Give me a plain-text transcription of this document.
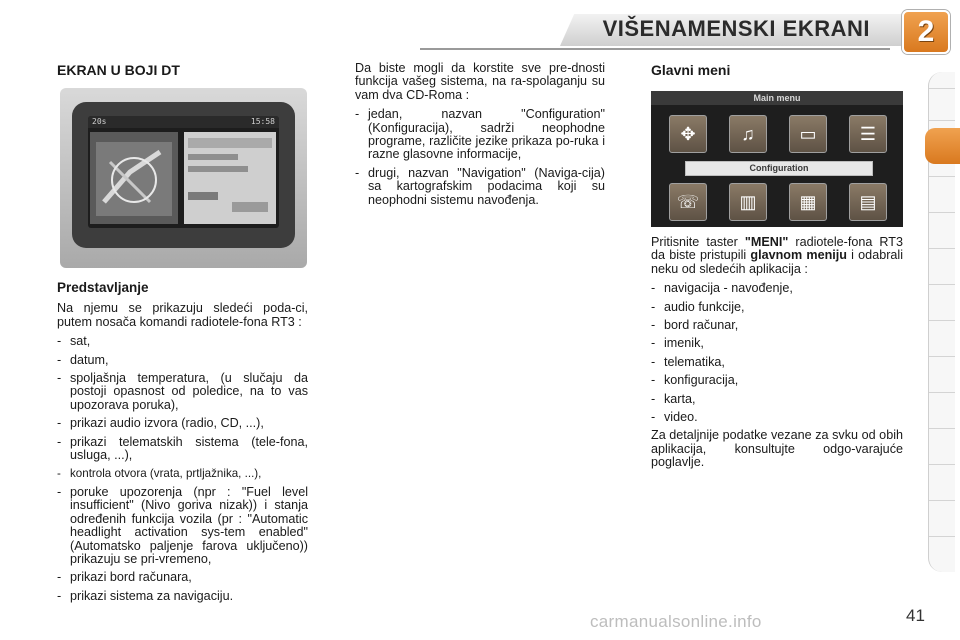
VIŠENAMENSKI EKRANI	2
EKRAN U BOJI DT
20s	15:58
Predstavljanje

Na njemu se prikazuju sledeći poda-ci, putem nosača komandi radiotele-fona RT3 :

- sat,
- datum,
- spoljašnja temperatura, (u slučaju da postoji opasnost od poledice, na to vas upozorava poruka),
- prikazi audio izvora (radio, CD, ...),
- prikazi telematskih sistema (tele-fona, usluga, ...),
- kontrola otvora (vrata, prtljažnika, ...),
- poruke upozorenja (npr : "Fuel level insufficient" (Nivo goriva nizak)) i stanja određenih funkcija vozila (pr : "Automatic headlight activation sys-tem enabled" (Automatsko paljenje farova uključeno)) prikazuju se pri-vremeno,
- prikazi bord računara,
- prikazi sistema za navigaciju.

Da biste mogli da korstite sve pre-dnosti funkcija vašeg sistema, na ra-spolaganju su vam dva CD-Roma :

- jedan, nazvan "Configuration" (Konfiguracija), sadrži neophodne programe, različite jezike prikaza po-ruka i razne glasovne informacije,
- drugi, nazvan "Navigation" (Naviga-cija) sa kartografskim podacima koji su neophodni sistemu navođenja.
Glavni meni
Main menu
✥	♫	▭	☰
Configuration
☏	▥	▦	▤

Pritisnite taster "MENI" radiotele-fona RT3 da biste pristupili glavnom meniju i odabrali neku od sledećih aplikacija :

- navigacija - navođenje,
- audio funkcije,
- bord računar,
- imenik,
- telematika,
- konfiguracija,
- karta,
- video.

Za detaljnije podatke vezane za svku od obih aplikacija, konsultujte odgo-varajuće poglavlje.

carmanualsonline.info	41
